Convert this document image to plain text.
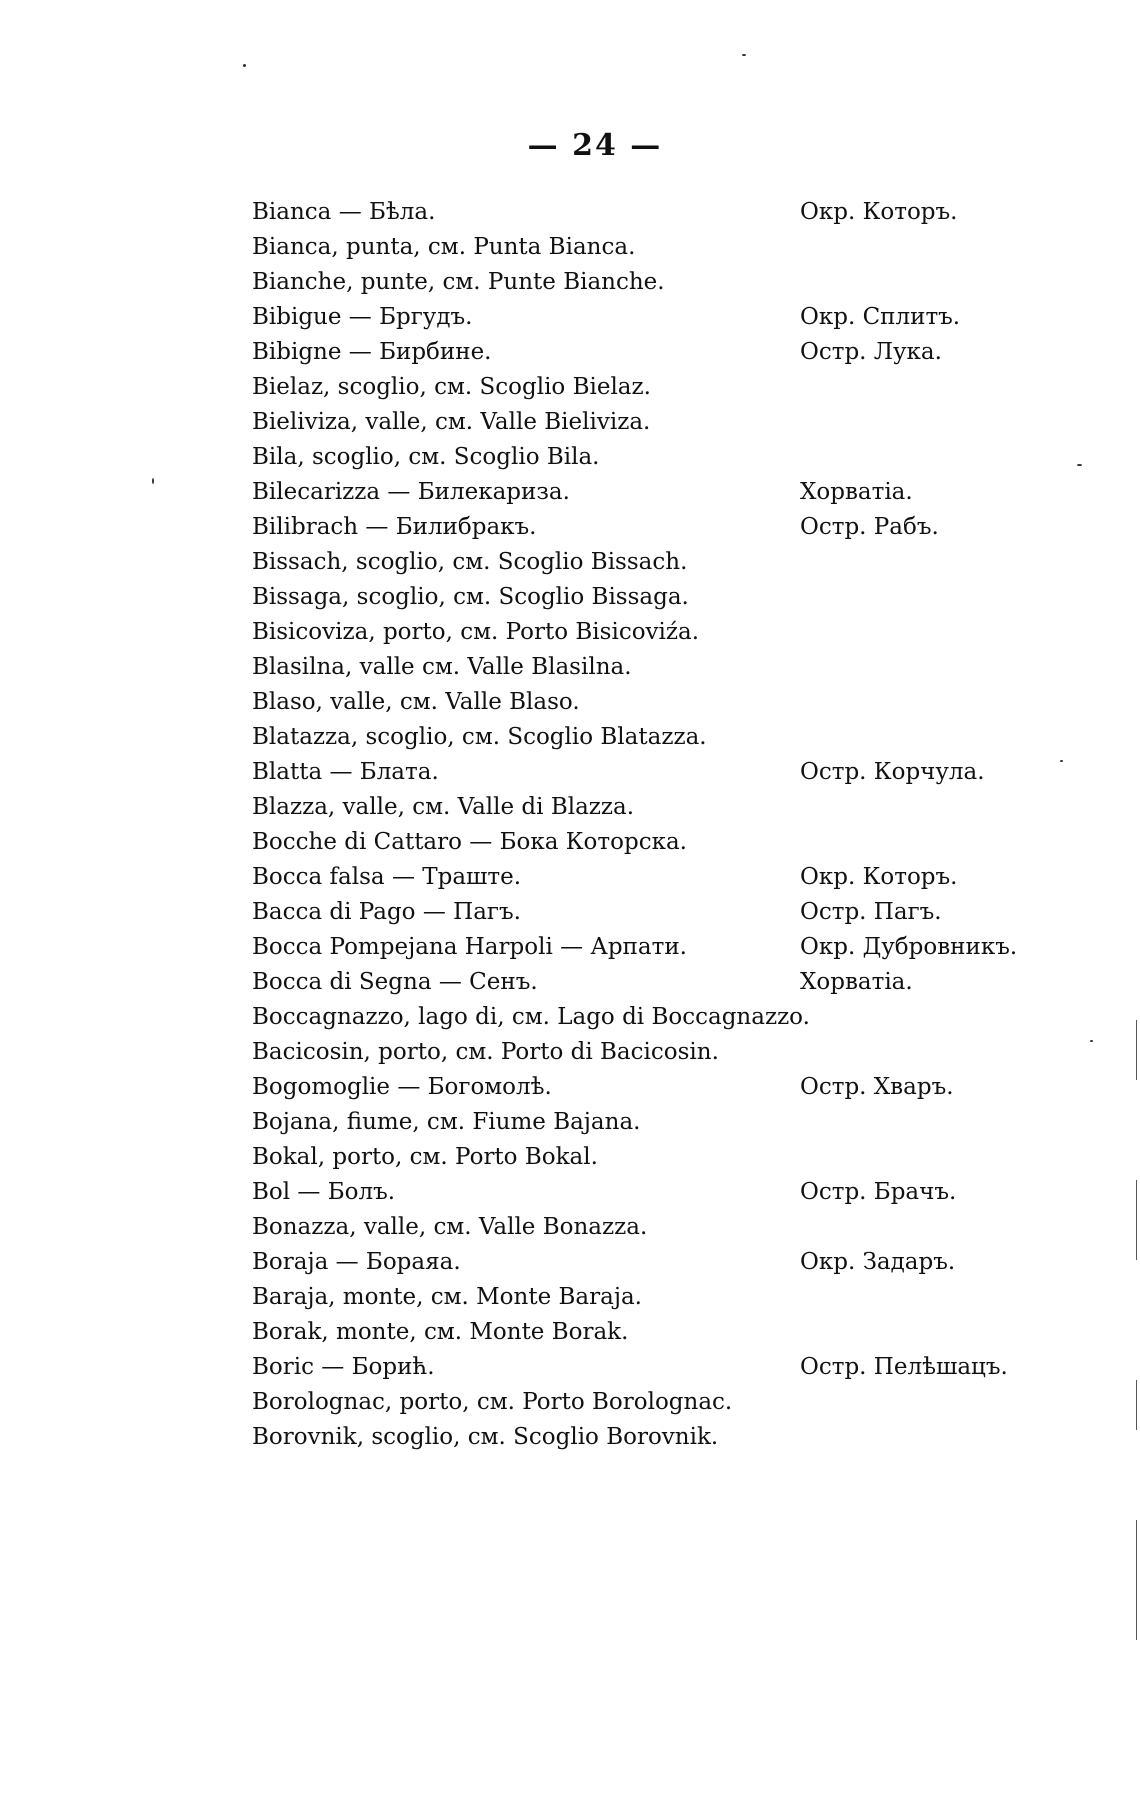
— 24 —
Bianca — Бѣла.	Окр. Которъ.
Bianca, punta, см. Punta Bianca.
Bianche, punte, см. Punte Bianche.
Bibigue — Бргудъ.	Окр. Сплитъ.
Bibigne — Бирбине.	Остр. Лука.
Bielaz, scoglio, см. Scoglio Bielaz.
Bieliviza, valle, см. Valle Bieliviza.
Bila, scoglio, см. Scoglio Bila.
Bilecarizza — Билекариза.	Хорватіа.
Bilibrach — Билибракъ.	Остр. Рабъ.
Bissach, scoglio, см. Scoglio Bissach.
Bissaga, scoglio, см. Scoglio Bissaga.
Bisicoviza, porto, см. Porto Bisicoviźa.
Blasilna, valle см. Valle Blasilna.
Blaso, valle, см. Valle Blaso.
Blatazza, scoglio, см. Scoglio Blatazza.
Blatta — Блата.	Остр. Корчула.
Blazza, valle, см. Valle di Blazza.
Bocche di Cattaro — Бока Которска.
Bocca falsa — Траште.	Окр. Которъ.
Bacca di Pago — Пагъ.	Остр. Пагъ.
Bocca Pompejana Harpoli — Арпати.	Окр. Дубровникъ.
Bocca di Segna — Сенъ.	Хорватіа.
Boccagnazzo, lago di, см. Lago di Boccagnazzo.
Bacicosin, porto, см. Porto di Bacicosin.
Bogomoglie — Богомолѣ.	Остр. Хваръ.
Bojana, fiume, см. Fiume Bajana.
Bokal, porto, см. Porto Bokal.
Bol — Болъ.	Остр. Брачъ.
Bonazza, valle, см. Valle Bonazza.
Boraja — Бораяа.	Окр. Задаръ.
Baraja, monte, см. Monte Baraja.
Borak, monte, см. Monte Borak.
Boric — Борић.	Остр. Пелѣшацъ.
Borolognac, porto, см. Porto Borolognac.
Borovnik, scoglio, см. Scoglio Borovnik.
